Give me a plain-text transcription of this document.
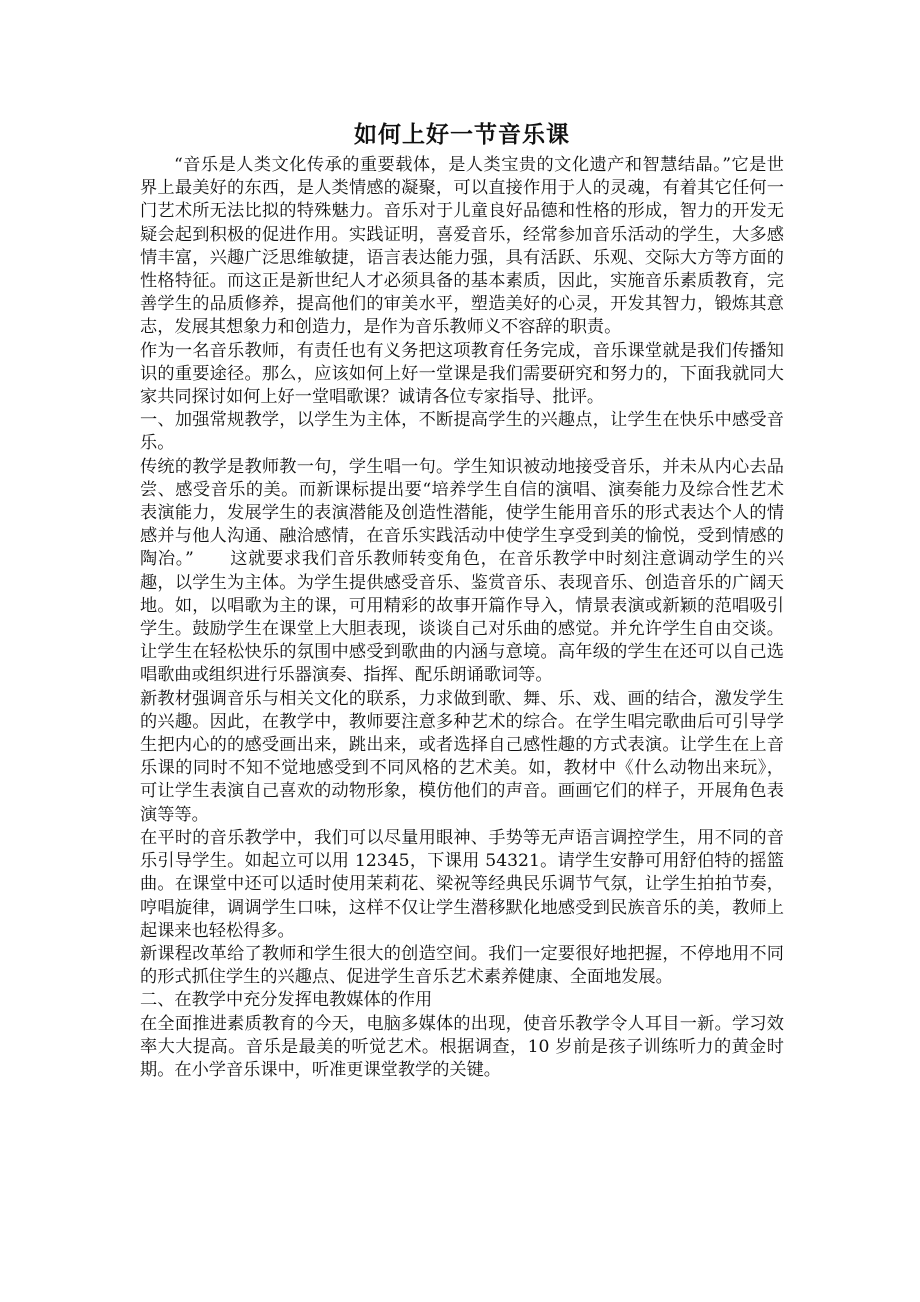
如何上好一节音乐课

“音乐是人类文化传承的重要载体，是人类宝贵的文化遗产和智慧结晶。”它是世界上最美好的东西，是人类情感的凝聚，可以直接作用于人的灵魂，有着其它任何一门艺术所无法比拟的特殊魅力。音乐对于儿童良好品德和性格的形成，智力的开发无疑会起到积极的促进作用。实践证明，喜爱音乐，经常参加音乐活动的学生，大多感情丰富，兴趣广泛思维敏捷，语言表达能力强，具有活跃、乐观、交际大方等方面的性格特征。而这正是新世纪人才必须具备的基本素质，因此，实施音乐素质教育，完善学生的品质修养，提高他们的审美水平，塑造美好的心灵，开发其智力，锻炼其意志，发展其想象力和创造力，是作为音乐教师义不容辞的职责。

作为一名音乐教师，有责任也有义务把这项教育任务完成，音乐课堂就是我们传播知识的重要途径。那么，应该如何上好一堂课是我们需要研究和努力的，下面我就同大家共同探讨如何上好一堂唱歌课？诚请各位专家指导、批评。

一、加强常规教学，以学生为主体，不断提高学生的兴趣点，让学生在快乐中感受音乐。

传统的教学是教师教一句，学生唱一句。学生知识被动地接受音乐，并未从内心去品尝、感受音乐的美。而新课标提出要“培养学生自信的演唱、演奏能力及综合性艺术表演能力，发展学生的表演潜能及创造性潜能，使学生能用音乐的形式表达个人的情感并与他人沟通、融洽感情，在音乐实践活动中使学生享受到美的愉悦，受到情感的陶冶。”　　这就要求我们音乐教师转变角色，在音乐教学中时刻注意调动学生的兴趣，以学生为主体。为学生提供感受音乐、鉴赏音乐、表现音乐、创造音乐的广阔天地。如，以唱歌为主的课，可用精彩的故事开篇作导入，情景表演或新颖的范唱吸引学生。鼓励学生在课堂上大胆表现，谈谈自己对乐曲的感觉。并允许学生自由交谈。让学生在轻松快乐的氛围中感受到歌曲的内涵与意境。高年级的学生在还可以自己选唱歌曲或组织进行乐器演奏、指挥、配乐朗诵歌词等。

新教材强调音乐与相关文化的联系，力求做到歌、舞、乐、戏、画的结合，激发学生的兴趣。因此，在教学中，教师要注意多种艺术的综合。在学生唱完歌曲后可引导学生把内心的的感受画出来，跳出来，或者选择自己感性趣的方式表演。让学生在上音乐课的同时不知不觉地感受到不同风格的艺术美。如，教材中《什么动物出来玩》，可让学生表演自己喜欢的动物形象，模仿他们的声音。画画它们的样子，开展角色表演等等。

在平时的音乐教学中，我们可以尽量用眼神、手势等无声语言调控学生，用不同的音乐引导学生。如起立可以用 12345，下课用 54321。请学生安静可用舒伯特的摇篮曲。在课堂中还可以适时使用茉莉花、梁祝等经典民乐调节气氛，让学生拍拍节奏，哼唱旋律，调调学生口味，这样不仅让学生潜移默化地感受到民族音乐的美，教师上起课来也轻松得多。

新课程改革给了教师和学生很大的创造空间。我们一定要很好地把握，不停地用不同的形式抓住学生的兴趣点、促进学生音乐艺术素养健康、全面地发展。

二、在教学中充分发挥电教媒体的作用

在全面推进素质教育的今天，电脑多媒体的出现，使音乐教学令人耳目一新。学习效率大大提高。音乐是最美的听觉艺术。根据调查，10 岁前是孩子训练听力的黄金时期。在小学音乐课中，听准更课堂教学的关键。
